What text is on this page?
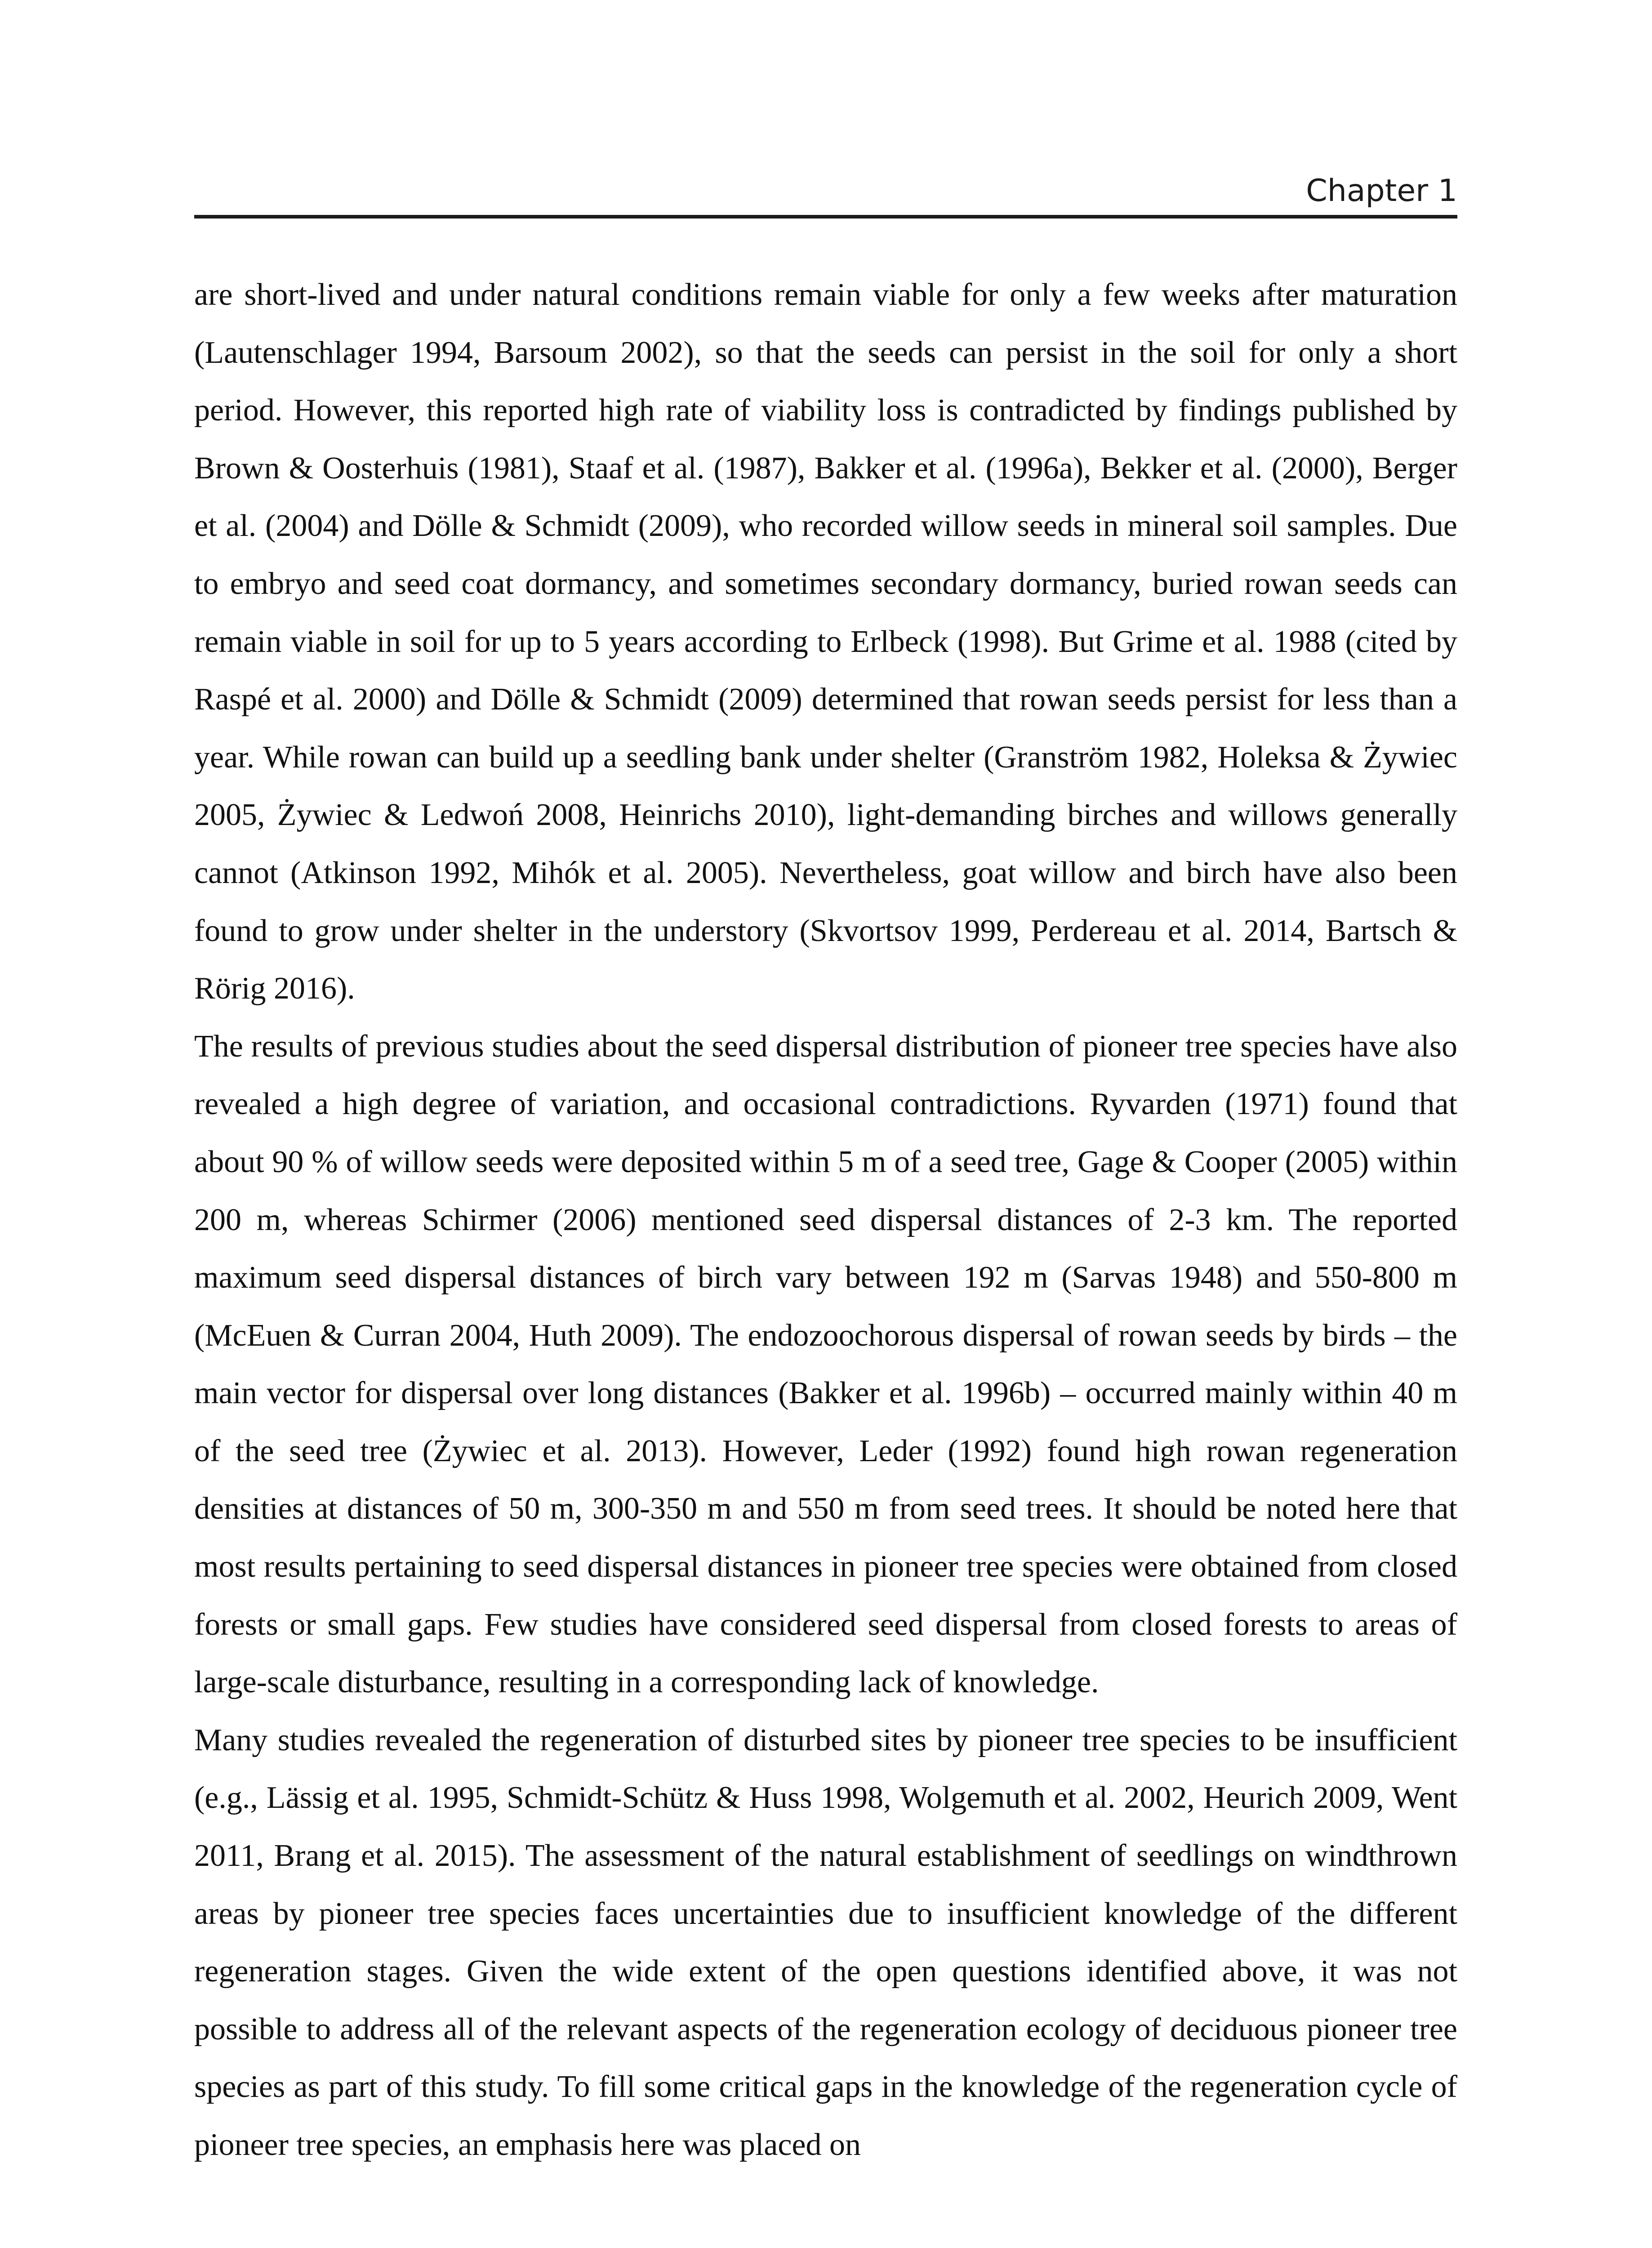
Chapter 1

are short-lived and under natural conditions remain viable for only a few weeks after maturation (Lautenschlager 1994, Barsoum 2002), so that the seeds can persist in the soil for only a short period. However, this reported high rate of viability loss is contradicted by findings published by Brown & Oosterhuis (1981), Staaf et al. (1987), Bakker et al. (1996a), Bekker et al. (2000), Berger et al. (2004) and Dölle & Schmidt (2009), who recorded willow seeds in mineral soil samples. Due to embryo and seed coat dormancy, and sometimes secondary dormancy, buried rowan seeds can remain viable in soil for up to 5 years according to Erlbeck (1998). But Grime et al. 1988 (cited by Raspé et al. 2000) and Dölle & Schmidt (2009) determined that rowan seeds persist for less than a year. While rowan can build up a seedling bank under shelter (Granström 1982, Holeksa & Żywiec 2005, Żywiec & Ledwoń 2008, Heinrichs 2010), light-demanding birches and willows generally cannot (Atkinson 1992, Mihók et al. 2005). Nevertheless, goat willow and birch have also been found to grow under shelter in the understory (Skvortsov 1999, Perdereau et al. 2014, Bartsch & Rörig 2016).

The results of previous studies about the seed dispersal distribution of pioneer tree species have also revealed a high degree of variation, and occasional contradictions. Ryvarden (1971) found that about 90 % of willow seeds were deposited within 5 m of a seed tree, Gage & Cooper (2005) within 200 m, whereas Schirmer (2006) mentioned seed dispersal distances of 2-3 km. The reported maximum seed dispersal distances of birch vary between 192 m (Sarvas 1948) and 550-800 m (McEuen & Curran 2004, Huth 2009). The endozoochorous dispersal of rowan seeds by birds – the main vector for dispersal over long distances (Bakker et al. 1996b) – occurred mainly within 40 m of the seed tree (Żywiec et al. 2013). However, Leder (1992) found high rowan regeneration densities at distances of 50 m, 300-350 m and 550 m from seed trees. It should be noted here that most results pertaining to seed dispersal distances in pioneer tree species were obtained from closed forests or small gaps. Few studies have considered seed dispersal from closed forests to areas of large-scale disturbance, resulting in a corresponding lack of knowledge.

Many studies revealed the regeneration of disturbed sites by pioneer tree species to be insufficient (e.g., Lässig et al. 1995, Schmidt-Schütz & Huss 1998, Wolgemuth et al. 2002, Heurich 2009, Went 2011, Brang et al. 2015). The assessment of the natural establishment of seedlings on windthrown areas by pioneer tree species faces uncertainties due to insufficient knowledge of the different regeneration stages. Given the wide extent of the open questions identified above, it was not possible to address all of the relevant aspects of the regeneration ecology of deciduous pioneer tree species as part of this study. To fill some critical gaps in the knowledge of the regeneration cycle of pioneer tree species, an emphasis here was placed on
